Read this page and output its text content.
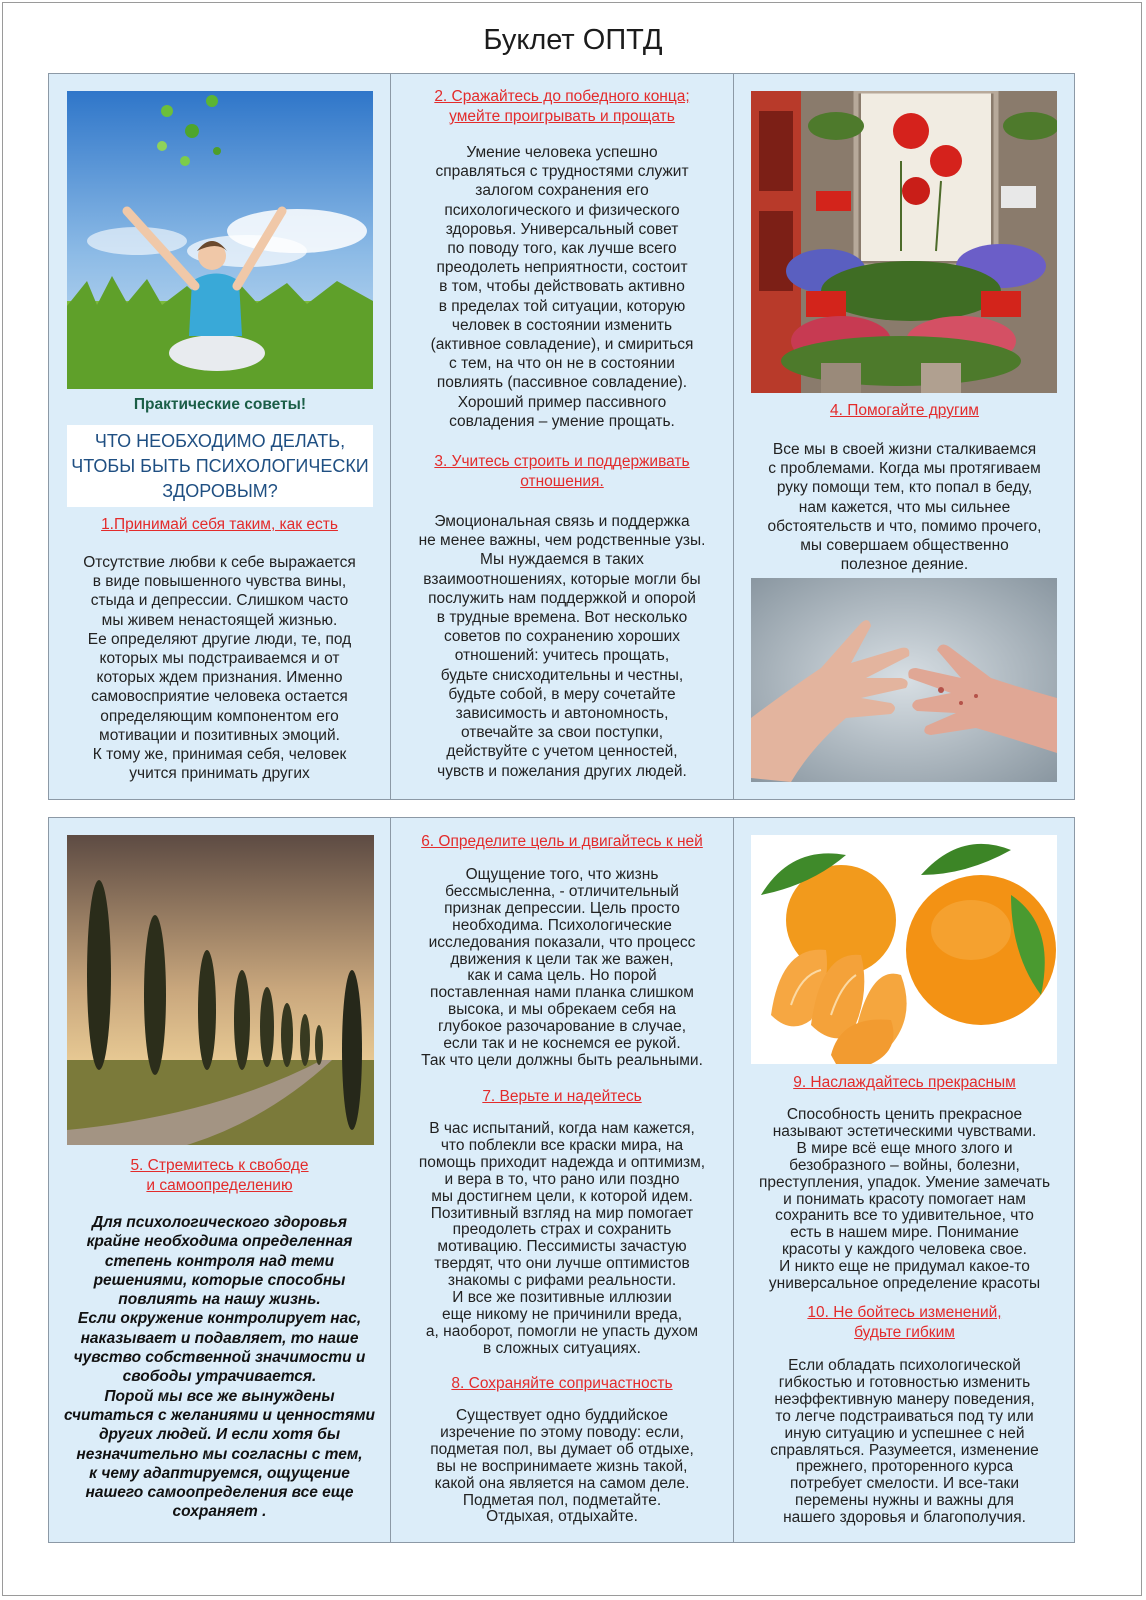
Буклет ОПТД
Практические советы!
ЧТО НЕОБХОДИМО ДЕЛАТЬ,
ЧТОБЫ БЫТЬ ПСИХОЛОГИЧЕСКИ
ЗДОРОВЫМ?
1.Принимай себя таким, как есть
Отсутствие любви к себе выражается
в виде повышенного чувства вины,
стыда и депрессии. Слишком часто
мы живем ненастоящей жизнью.
Ее определяют другие люди, те, под
которых мы подстраиваемся и от
которых ждем признания. Именно
самовосприятие человека остается
определяющим компонентом его
мотивации и позитивных эмоций.
К тому же, принимая себя, человек
учится принимать других
2. Сражайтесь до победного конца;
умейте проигрывать и прощать
Умение человека успешно
справляться с трудностями служит
залогом сохранения его
психологического и физического
здоровья. Универсальный совет
по поводу того, как лучше всего
преодолеть неприятности, состоит
в том, чтобы действовать активно
в пределах той ситуации, которую
человек в состоянии изменить
(активное совладение), и смириться
с тем, на что он не в состоянии
повлиять (пассивное совладение).
Хороший пример пассивного
совладения – умение прощать.
3. Учитесь строить и поддерживать
отношения.
Эмоциональная связь и поддержка
не менее важны, чем родственные узы.
Мы нуждаемся в таких
взаимоотношениях, которые могли бы
послужить нам поддержкой и опорой
в трудные времена. Вот несколько
советов по сохранению хороших
отношений: учитесь прощать,
будьте снисходительны и честны,
будьте собой, в меру сочетайте
зависимость и автономность,
отвечайте за свои поступки,
действуйте с учетом ценностей,
чувств и пожелания других людей.
4. Помогайте другим
Все мы в своей жизни сталкиваемся
с проблемами. Когда мы протягиваем
руку помощи тем, кто попал в беду,
нам кажется, что мы сильнее
обстоятельств и что, помимо прочего,
мы совершаем общественно
полезное деяние.
5. Стремитесь к свободе
и самоопределению
Для психологического здоровья
крайне необходима определенная
степень контроля над теми
решениями, которые способны
повлиять на нашу жизнь.
Если окружение контролирует нас,
наказывает и подавляет, то наше
чувство собственной значимости и
свободы утрачивается.
Порой мы все же вынуждены
считаться с желаниями и ценностями
других людей. И если хотя бы
незначительно мы согласны с тем,
к чему адаптируемся, ощущение
нашего самоопределения все еще
сохраняет .
6. Определите цель и двигайтесь к ней
Ощущение того, что жизнь
бессмысленна, - отличительный
признак депрессии. Цель просто
необходима. Психологические
исследования показали, что процесс
движения к цели так же важен,
как и сама цель. Но порой
поставленная нами планка слишком
высока, и мы обрекаем себя на
глубокое разочарование в случае,
если так и не коснемся ее рукой.
Так что цели должны быть реальными.
7. Верьте и надейтесь
В час испытаний, когда нам кажется,
что поблекли все краски мира, на
помощь приходит надежда и оптимизм,
и вера в то, что рано или поздно
мы достигнем цели, к которой идем.
Позитивный взгляд на мир помогает
преодолеть страх и сохранить
мотивацию. Пессимисты зачастую
твердят, что они лучше оптимистов
знакомы с рифами реальности.
И все же позитивные иллюзии
еще никому не причинили вреда,
а, наоборот, помогли не упасть духом
в сложных ситуациях.
8. Сохраняйте сопричастность
Существует одно буддийское
изречение по этому поводу: если,
подметая пол, вы думает об отдыхе,
вы не воспринимаете жизнь такой,
какой она является на самом деле.
Подметая пол, подметайте.
Отдыхая, отдыхайте.
9. Наслаждайтесь прекрасным
Способность ценить прекрасное
называют эстетическими чувствами.
В мире всё еще много злого и
безобразного – войны, болезни,
преступления, упадок. Умение замечать
и понимать красоту помогает нам
сохранить все то удивительное, что
есть в нашем мире. Понимание
красоты у каждого человека свое.
И никто еще не придумал какое-то
универсальное определение красоты
10. Не бойтесь изменений,
будьте гибким
Если обладать психологической
гибкостью и готовностью изменить
неэффективную манеру поведения,
то легче подстраиваться под ту или
иную ситуацию и успешнее с ней
справляться. Разумеется, изменение
прежнего, проторенного курса
потребует смелости. И все-таки
перемены нужны и важны для
нашего здоровья и благополучия.
